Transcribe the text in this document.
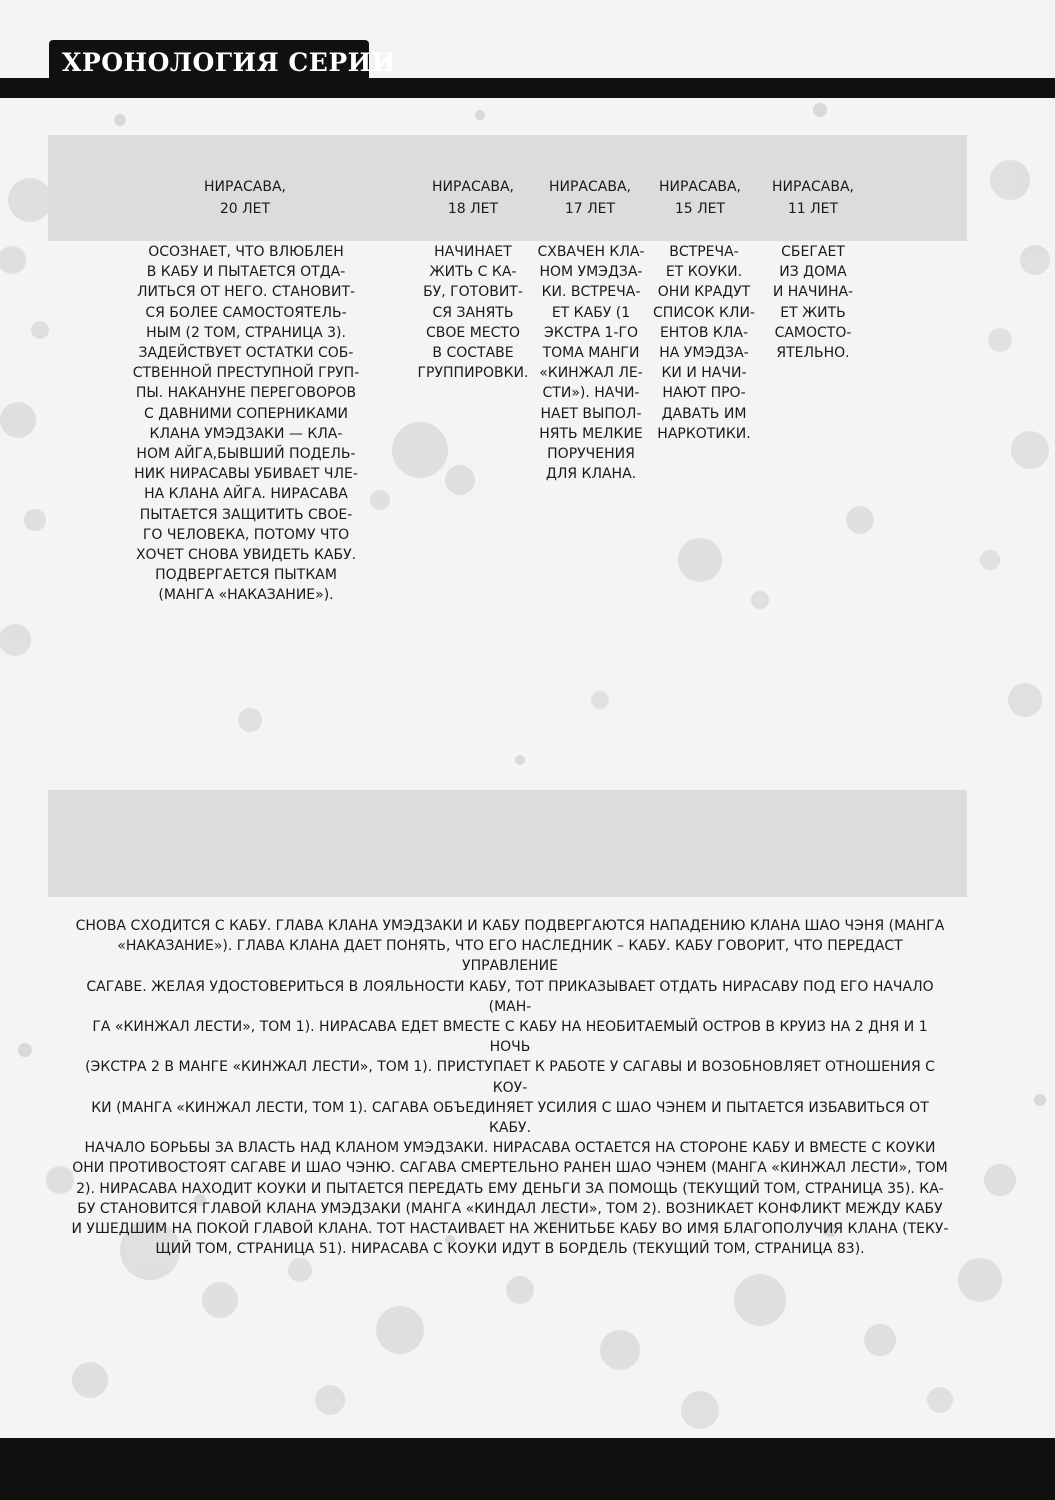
ХРОНОЛОГИЯ СЕРИИ
НИРАСАВА,
20 ЛЕТ
НИРАСАВА,
18 ЛЕТ
НИРАСАВА,
17 ЛЕТ
НИРАСАВА,
15 ЛЕТ
НИРАСАВА,
11 ЛЕТ
ОСОЗНАЕТ, ЧТО ВЛЮБЛЕН
В КАБУ И ПЫТАЕТСЯ ОТДА-
ЛИТЬСЯ ОТ НЕГО. СТАНОВИТ-
СЯ БОЛЕЕ САМОСТОЯТЕЛЬ-
НЫМ (2 ТОМ, СТРАНИЦА 3).
ЗАДЕЙСТВУЕТ ОСТАТКИ СОБ-
СТВЕННОЙ ПРЕСТУПНОЙ ГРУП-
ПЫ. НАКАНУНЕ ПЕРЕГОВОРОВ
С ДАВНИМИ СОПЕРНИКАМИ
КЛАНА УМЭДЗАКИ — КЛА-
НОМ АЙГА,БЫВШИЙ ПОДЕЛЬ-
НИК НИРАСАВЫ УБИВАЕТ ЧЛЕ-
НА КЛАНА АЙГА. НИРАСАВА
ПЫТАЕТСЯ ЗАЩИТИТЬ СВОЕ-
ГО ЧЕЛОВЕКА, ПОТОМУ ЧТО
ХОЧЕТ СНОВА УВИДЕТЬ КАБУ.
ПОДВЕРГАЕТСЯ ПЫТКАМ
(МАНГА «НАКАЗАНИЕ»).
НАЧИНАЕТ
ЖИТЬ С КА-
БУ, ГОТОВИТ-
СЯ ЗАНЯТЬ
СВОЕ МЕСТО
В СОСТАВЕ
ГРУППИРОВКИ.
СХВАЧЕН КЛА-
НОМ УМЭДЗА-
КИ. ВСТРЕЧА-
ЕТ КАБУ (1
ЭКСТРА 1-ГО
ТОМА МАНГИ
«КИНЖАЛ ЛЕ-
СТИ»). НАЧИ-
НАЕТ ВЫПОЛ-
НЯТЬ МЕЛКИЕ
ПОРУЧЕНИЯ
ДЛЯ КЛАНА.
ВСТРЕЧА-
ЕТ КОУКИ.
ОНИ КРАДУТ
СПИСОК КЛИ-
ЕНТОВ КЛА-
НА УМЭДЗА-
КИ И НАЧИ-
НАЮТ ПРО-
ДАВАТЬ ИМ
НАРКОТИКИ.
СБЕГАЕТ
ИЗ ДОМА
И НАЧИНА-
ЕТ ЖИТЬ
САМОСТО-
ЯТЕЛЬНО.
СНОВА СХОДИТСЯ С КАБУ. ГЛАВА КЛАНА УМЭДЗАКИ И КАБУ ПОДВЕРГАЮТСЯ НАПАДЕНИЮ КЛАНА ШАО ЧЭНЯ (МАНГА
«НАКАЗАНИЕ»). ГЛАВА КЛАНА ДАЕТ ПОНЯТЬ, ЧТО ЕГО НАСЛЕДНИК – КАБУ. КАБУ ГОВОРИТ, ЧТО ПЕРЕДАСТ УПРАВЛЕНИЕ
САГАВЕ. ЖЕЛАЯ УДОСТОВЕРИТЬСЯ В ЛОЯЛЬНОСТИ КАБУ, ТОТ ПРИКАЗЫВАЕТ ОТДАТЬ НИРАСАВУ ПОД ЕГО НАЧАЛО (МАН-
ГА «КИНЖАЛ ЛЕСТИ», ТОМ 1). НИРАСАВА ЕДЕТ ВМЕСТЕ С КАБУ НА НЕОБИТАЕМЫЙ ОСТРОВ В КРУИЗ НА 2 ДНЯ И 1 НОЧЬ
(ЭКСТРА 2 В МАНГЕ «КИНЖАЛ ЛЕСТИ», ТОМ 1). ПРИСТУПАЕТ К РАБОТЕ У САГАВЫ И ВОЗОБНОВЛЯЕТ ОТНОШЕНИЯ С КОУ-
КИ (МАНГА «КИНЖАЛ ЛЕСТИ, ТОМ 1). САГАВА ОБЪЕДИНЯЕТ УСИЛИЯ С ШАО ЧЭНЕМ И ПЫТАЕТСЯ ИЗБАВИТЬСЯ ОТ КАБУ.
НАЧАЛО БОРЬБЫ ЗА ВЛАСТЬ НАД КЛАНОМ УМЭДЗАКИ. НИРАСАВА ОСТАЕТСЯ НА СТОРОНЕ КАБУ И ВМЕСТЕ С КОУКИ
ОНИ ПРОТИВОСТОЯТ САГАВЕ И ШАО ЧЭНЮ. САГАВА СМЕРТЕЛЬНО РАНЕН ШАО ЧЭНЕМ (МАНГА «КИНЖАЛ ЛЕСТИ», ТОМ
2). НИРАСАВА НАХОДИТ КОУКИ И ПЫТАЕТСЯ ПЕРЕДАТЬ ЕМУ ДЕНЬГИ ЗА ПОМОЩЬ (ТЕКУЩИЙ ТОМ, СТРАНИЦА 35). КА-
БУ СТАНОВИТСЯ ГЛАВОЙ КЛАНА УМЭДЗАКИ (МАНГА «КИНДАЛ ЛЕСТИ», ТОМ 2). ВОЗНИКАЕТ КОНФЛИКТ МЕЖДУ КАБУ
И УШЕДШИМ НА ПОКОЙ ГЛАВОЙ КЛАНА. ТОТ НАСТАИВАЕТ НА ЖЕНИТЬБЕ КАБУ ВО ИМЯ БЛАГОПОЛУЧИЯ КЛАНА (ТЕКУ-
ЩИЙ ТОМ, СТРАНИЦА 51). НИРАСАВА С КОУКИ ИДУТ В БОРДЕЛЬ (ТЕКУЩИЙ ТОМ, СТРАНИЦА 83).
